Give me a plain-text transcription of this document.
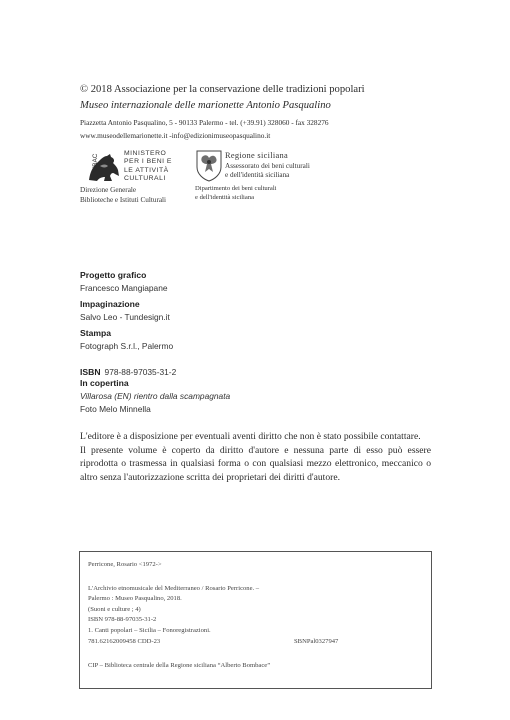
© 2018 Associazione per la conservazione delle tradizioni popolari
Museo internazionale delle marionette Antonio Pasqualino
Piazzetta Antonio Pasqualino, 5 - 90133 Palermo - tel. (+39.91) 328060 - fax 328276
www.museodellemarionette.it -info@edizionimuseopasqualino.it
MiBAC
MINISTERO
PER I BENI E
LE ATTIVITÀ
CULTURALI
Direzione Generale
Biblioteche e Istituti Culturali
Regione siciliana
Assessorato dei beni culturali
e dell'identità siciliana
Dipartimento dei beni culturali
e dell'identità siciliana
Progetto grafico
Francesco Mangiapane
Impaginazione
Salvo Leo - Tundesign.it
Stampa
Fotograph S.r.l., Palermo
ISBN 978-88-97035-31-2
In copertina
Villarosa (EN) rientro dalla scampagnata
Foto Melo Minnella
L'editore è a disposizione per eventuali aventi diritto che non è stato possibile contattare.
Il presente volume è coperto da diritto d'autore e nessuna parte di esso può essere riprodotta o trasmessa in qualsiasi forma o con qualsiasi mezzo elettronico, meccanico o altro senza l'autorizzazione scritta dei proprietari dei diritti d'autore.
Perricone, Rosario <1972->
L'Archivio etnomusicale del Mediterraneo / Rosario Perricone. –
Palermo : Museo Pasqualino, 2018.
(Suoni e culture ; 4)
ISBN 978-88-97035-31-2
1. Canti popolari – Sicilia – Fonoregistrazioni.
781.62162009458 CDD-23	SBNPal0327947
CIP – Biblioteca centrale della Regione siciliana “Alberto Bombace”
